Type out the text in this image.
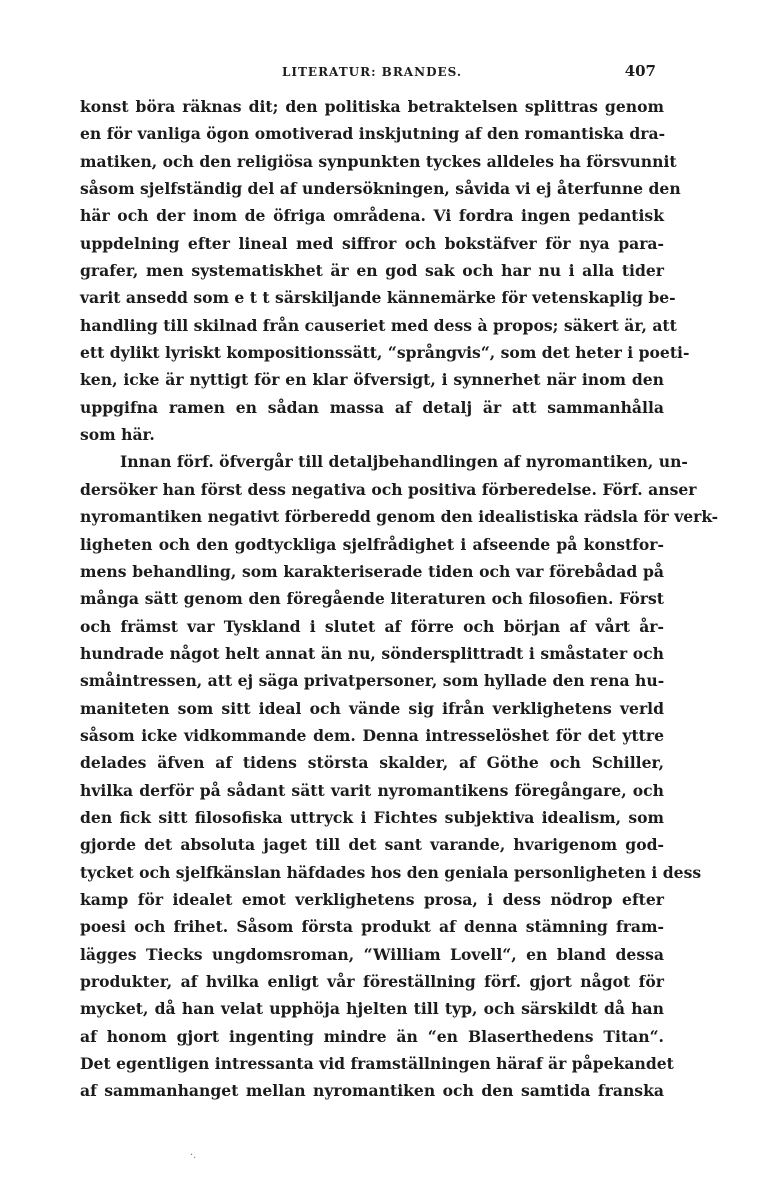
LITERATUR: BRANDES.	407
konst böra räknas dit; den politiska betraktelsen splittras genom
en för vanliga ögon omotiverad inskjutning af den romantiska dra-
matiken, och den religiösa synpunkten tyckes alldeles ha försvunnit
såsom sjelfständig del af undersökningen, såvida vi ej återfunne den
här och der inom de öfriga områdena. Vi fordra ingen pedantisk
uppdelning efter lineal med siffror och bokstäfver för nya para-
grafer, men systematiskhet är en god sak och har nu i alla tider
varit ansedd som e t t särskiljande kännemärke för vetenskaplig be-
handling till skilnad från causeriet med dess à propos; säkert är, att
ett dylikt lyriskt kompositionssätt, “språngvis“, som det heter i poeti-
ken, icke är nyttigt för en klar öfversigt, i synnerhet när inom den
uppgifna ramen en sådan massa af detalj är att sammanhålla
som här.
Innan förf. öfvergår till detaljbehandlingen af nyromantiken, un-
dersöker han först dess negativa och positiva förberedelse. Förf. anser
nyromantiken negativt förberedd genom den idealistiska rädsla för verk-
ligheten och den godtyckliga sjelfrådighet i afseende på konstfor-
mens behandling, som karakteriserade tiden och var förebådad på
många sätt genom den föregående literaturen och filosofien. Först
och främst var Tyskland i slutet af förre och början af vårt år-
hundrade något helt annat än nu, söndersplittradt i småstater och
småintressen, att ej säga privatpersoner, som hyllade den rena hu-
maniteten som sitt ideal och vände sig ifrån verklighetens verld
såsom icke vidkommande dem. Denna intresselöshet för det yttre
delades äfven af tidens största skalder, af Göthe och Schiller,
hvilka derför på sådant sätt varit nyromantikens föregångare, och
den fick sitt filosofiska uttryck i Fichtes subjektiva idealism, som
gjorde det absoluta jaget till det sant varande, hvarigenom god-
tycket och sjelfkänslan häfdades hos den geniala personligheten i dess
kamp för idealet emot verklighetens prosa, i dess nödrop efter
poesi och frihet. Såsom första produkt af denna stämning fram-
lägges Tiecks ungdomsroman, “William Lovell“, en bland dessa
produkter, af hvilka enligt vår föreställning förf. gjort något för
mycket, då han velat upphöja hjelten till typ, och särskildt då han
af honom gjort ingenting mindre än “en Blaserthedens Titan“.
Det egentligen intressanta vid framställningen häraf är påpekandet
af sammanhanget mellan nyromantiken och den samtida franska
·.
